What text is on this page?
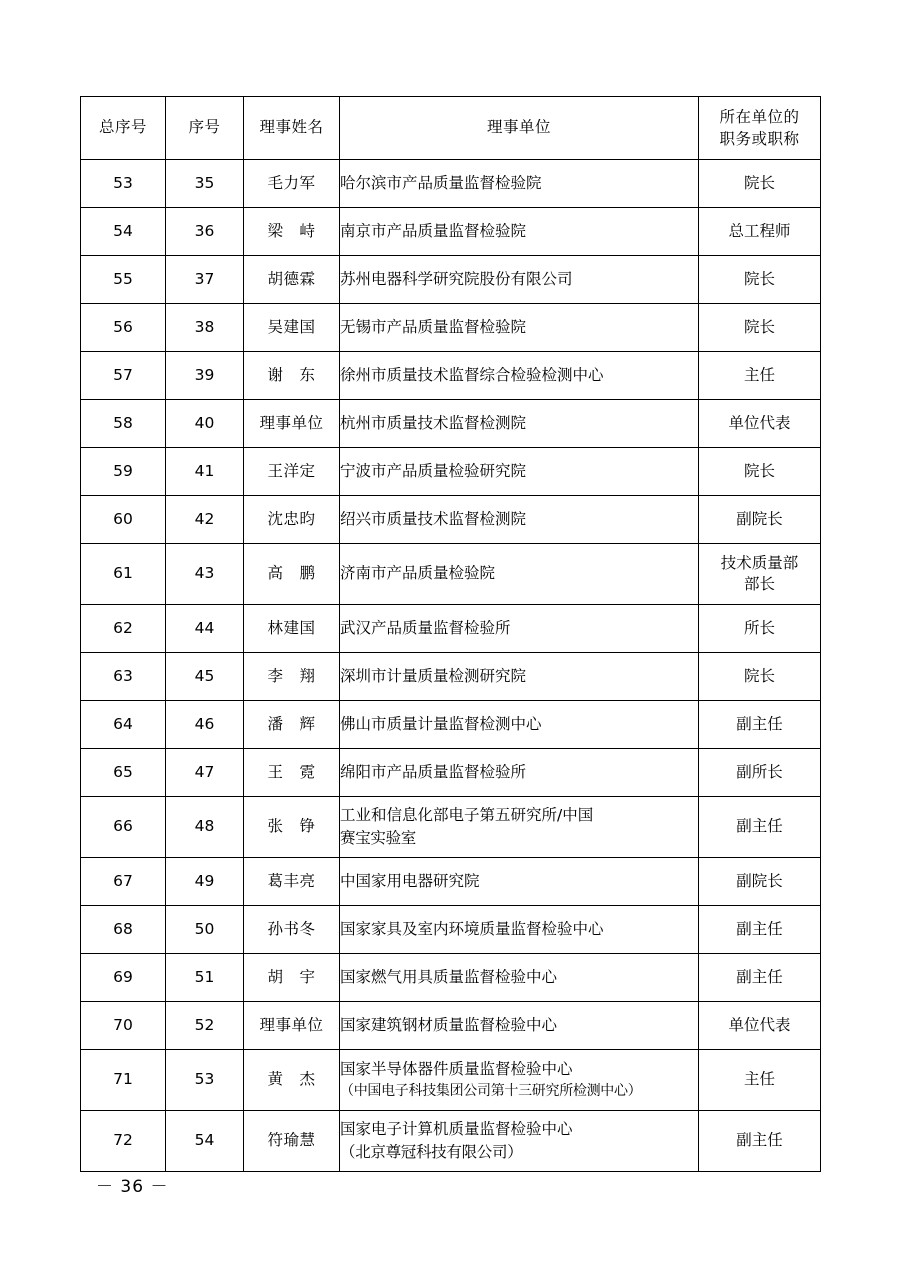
总序号	序号	理事姓名	理事单位	所在单位的
职务或职称
53	35	毛力军	哈尔滨市产品质量监督检验院	院长
54	36	梁　峙	南京市产品质量监督检验院	总工程师
55	37	胡德霖	苏州电器科学研究院股份有限公司	院长
56	38	吴建国	无锡市产品质量监督检验院	院长
57	39	谢　东	徐州市质量技术监督综合检验检测中心	主任
58	40	理事单位	杭州市质量技术监督检测院	单位代表
59	41	王洋定	宁波市产品质量检验研究院	院长
60	42	沈忠昀	绍兴市质量技术监督检测院	副院长
61	43	高　鹏	济南市产品质量检验院	技术质量部
部长

62	44	林建国	武汉产品质量监督检验所	所长
63	45	李　翔	深圳市计量质量检测研究院	院长
64	46	潘　辉	佛山市质量计量监督检测中心	副主任
65	47	王　霓	绵阳市产品质量监督检验所	副所长
66	48	张　铮	工业和信息化部电子第五研究所/中国
赛宝实验室	副主任
67	49	葛丰亮	中国家用电器研究院	副院长
68	50	孙书冬	国家家具及室内环境质量监督检验中心	副主任
69	51	胡　宇	国家燃气用具质量监督检验中心	副主任
70	52	理事单位	国家建筑钢材质量监督检验中心	单位代表
71	53	黄　杰	国家半导体器件质量监督检验中心
（中国电子科技集团公司第十三研究所检测中心）	主任
72	54	符瑜慧	国家电子计算机质量监督检验中心
（北京尊冠科技有限公司）	副主任
－ 36 －
